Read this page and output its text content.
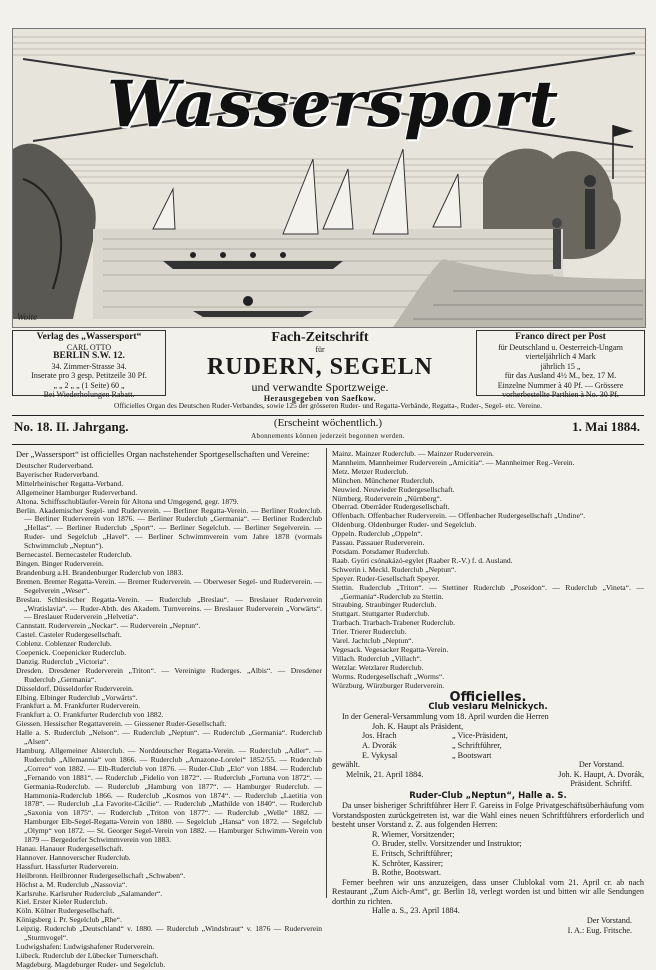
Wassersport
Woite
Verlag des „Wassersport“
CARL OTTO
BERLIN S.W. 12.
34. Zimmer-Strasse 34.
Inserate pro 3 gesp. Petitzeile 30 Pf.
„ „ 2 „ „ (1 Seite) 60 „
Bei Wiederholungen Rabatt.
Fach-Zeitschrift
für
RUDERN, SEGELN
und verwandte Sportzweige.
Herausgegeben von Saefkow.
Franco direct per Post
für Deutschland u. Oesterreich-Ungarn
vierteljährlich 4 Mark
jährlich 15 „
für das Ausland 4½ M., bez. 17 M.
Einzelne Nummer à 40 Pf. — Grössere
vorherbestellte Parthien à No. 30 Pf.
Officielles Organ des Deutschen Ruder-Verbandes, sowie 125 der grösseren Ruder- und Regatta-Verbände, Regatta-, Ruder-, Segel- etc. Vereine.
No. 18. II. Jahrgang.	(Erscheint wöchentlich.)
Abonnements können jederzeit begonnen werden.
1. Mai 1884.
Der „Wassersport“ ist officielles Organ nachstehender Sportgesellschaften und Vereine:
Deutscher Ruderverband.
Bayerischer Ruderverband.
Mittelrheinischer Regatta-Verband.
Allgemeiner Hamburger Ruderverband.
Altona. Schiffsschubläufer-Verein für Altona und Umgegend, gegr. 1879.
Berlin. Akademischer Segel- und Ruderverein. — Berliner Regatta-Verein. — Berliner Ruderclub. — Berliner Ruderverein von 1876. — Berliner Ruderclub „Germania“. — Berliner Ruderclub „Hellas“. — Berliner Ruderclub „Sport“. — Berliner Segelclub. — Berliner Segelverein. — Ruder- und Segelclub „Havel“. — Berliner Schwimmverein vom Jahre 1878 (vormals Schwimmclub „Neptun“).
Bernecastel. Bernecasteler Ruderclub.
Bingen. Binger Ruderverein.
Brandenburg a.H. Brandenburger Ruderclub von 1883.
Bremen. Bremer Regatta-Verein. — Bremer Ruderverein. — Oberweser Segel- und Ruderverein. — Segelverein „Weser“.
Breslau. Schlesischer Regatta-Verein. — Ruderclub „Breslau“. — Breslauer Ruderverein „Wratislavia“. — Ruder-Abth. des Akadem. Turnvereins. — Breslauer Ruderverein „Vorwärts“. — Breslauer Ruderverein „Helvetia“.
Cannstatt. Ruderverein „Neckar“. — Ruderverein „Neptun“.
Castel. Casteler Rudergesellschaft.
Coblenz. Coblenzer Ruderclub.
Coepenick. Coepenicker Ruderclub.
Danzig. Ruderclub „Victoria“.
Dresden. Dresdener Ruderverein „Triton“. — Vereinigte Ruderges. „Albis“. — Dresdener Ruderclub „Germania“.
Düsseldorf. Düsseldorfer Ruderverein.
Elbing. Elbinger Ruderclub „Vorwärts“.
Frankfurt a. M. Frankfurter Ruderverein.
Frankfurt a. O. Frankfurter Ruderclub von 1882.
Giessen. Hessischer Regattaverein. — Giessener Ruder-Gesellschaft.
Halle a. S. Ruderclub „Nelson“. — Ruderclub „Neptun“. — Ruderclub „Germania“. Ruderclub „Alsen“.
Hamburg. Allgemeiner Alsterclub. — Norddeutscher Regatta-Verein. — Ruderclub „Adler“. — Ruderclub „Allemannia“ von 1866. — Ruderclub „Amazone-Lorelei“ 1852/55. — Ruderclub „Correo“ von 1882. — Elb-Ruderclub von 1876. — Ruder-Club „Elo“ von 1884. — Ruderclub „Fernando von 1881“. — Ruderclub „Fidelio von 1872“. — Ruderclub „Fortuna von 1872“. — Germania-Ruderclub. — Ruderclub „Hamburg von 1877“. — Hamburger Ruderclub. — Hammonia-Ruderclub 1866. — Ruderclub „Kosmos von 1874“. — Ruderclub „Laetitia von 1878“. — Ruderclub „La Favorite-Cäcilie“. — Ruderclub „Mathilde von 1840“. — Ruderclub „Saxonia von 1875“. — Ruderclub „Triton von 1877“. — Ruderclub „Welle“ 1882. — Hamburger Elb-Segel-Regatta-Verein von 1880. — Segelclub „Hansa“ von 1872. — Segelclub „Olymp“ von 1872. — St. Georger Segel-Verein von 1882. — Hamburger Schwimm-Verein von 1879 — Bergedorfer Schwimmverein von 1883.
Hanau. Hanauer Rudergesellschaft.
Hannover. Hannoverscher Ruderclub.
Hassfurt. Hassfurter Ruderverein.
Heilbronn. Heilbronner Rudergesellschaft „Schwaben“.
Höchst a. M. Ruderclub „Nassovia“.
Karlsruhe. Karlsruher Ruderclub „Salamander“.
Kiel. Erster Kieler Ruderclub.
Köln. Kölner Rudergesellschaft.
Königsberg i. Pr. Segelclub „Rhe“.
Leipzig. Ruderclub „Deutschland“ v. 1880. — Ruderclub „Windsbraut“ v. 1876 — Ruderverein „Sturmvogel“.
Ludwigshafen: Ludwigshafener Ruderverein.
Lübeck. Ruderclub der Lübecker Turnerschaft.
Magdeburg. Magdeburger Ruder- und Segelclub.
Mainz. Mainzer Ruderclub. — Mainzer Ruderverein.
Mannheim. Mannheimer Ruderverein „Amicitia“. — Mannheimer Reg.-Verein.
Metz. Metzer Ruderclub.
München. Münchener Ruderclub.
Neuwied. Neuwieder Rudergesellschaft.
Nürnberg. Ruderverein „Nürnberg“.
Oberrad. Oberräder Rudergesellschaft.
Offenbach. Offenbacher Ruderverein. — Offenbacher Rudergesellschaft „Undine“.
Oldenburg. Oldenburger Ruder- und Segelclub.
Oppeln. Ruderclub „Oppeln“.
Passau. Passauer Ruderverein.
Potsdam. Potsdamer Ruderclub.
Raab. Györi csónakázó-egylet (Raaber R.-V.) f. d. Ausland.
Schwerin i. Meckl. Ruderclub „Neptun“.
Speyer. Ruder-Gesellschaft Speyer.
Stettin. Ruderclub „Triton“. — Stettiner Ruderclub „Poseidon“. — Ruderclub „Vineta“. — „Germania“-Ruderclub zu Stettin.
Straubing. Straubinger Ruderclub.
Stuttgart. Stuttgarter Ruderclub.
Trarbach. Trarbach-Trabener Ruderclub.
Trier. Trierer Ruderclub.
Varel. Jachtclub „Neptun“.
Vegesack. Vegesacker Regatta-Verein.
Villach. Ruderclub „Villach“.
Wetzlar. Wetzlarer Ruderclub.
Worms. Rudergesellschaft „Worms“.
Würzburg. Würzburger Ruderverein.
Officielles.
Club vesIaru Melnickych.
In der General-Versammlung vom 18. April wurden die Herren
Joh. K. Haupt als Präsident,
Jos. Hrach	„ Vice-Präsident,
A. Dvorák	„ Schriftführer,
E. Vykysal	„ Bootswart
gewählt.	Der Vorstand.
Melnik, 21. April 1884.	Joh. K. Haupt, A. Dvorák,
Präsident. Schriftf.
Ruder-Club „Neptun“, Halle a. S.
Da unser bisheriger Schriftführer Herr F. Gareiss in Folge Privatgeschäftsüberhäufung vom Vorstandsposten zurückgetreten ist, war die Wahl eines neuen Schriftführers erforderlich und besteht unser Vorstand z. Z. aus folgenden Herren:
R. Wiemer, Vorsitzender;
O. Bruder, stellv. Vorsitzender und Instruktor;
E. Fritsch, Schriftführer;
K. Schröter, Kassirer;
B. Rothe, Bootswart.
Ferner beehren wir uns anzuzeigen, dass unser Clublokal vom 21. April cr. ab nach Restaurant „Zum Aich-Amt“, gr. Berlin 18, verlegt worden ist und bitten wir alle Sendungen dorthin zu richten.
Halle a. S., 23. April 1884.
Der Vorstand.
I. A.: Eug. Fritsche.
